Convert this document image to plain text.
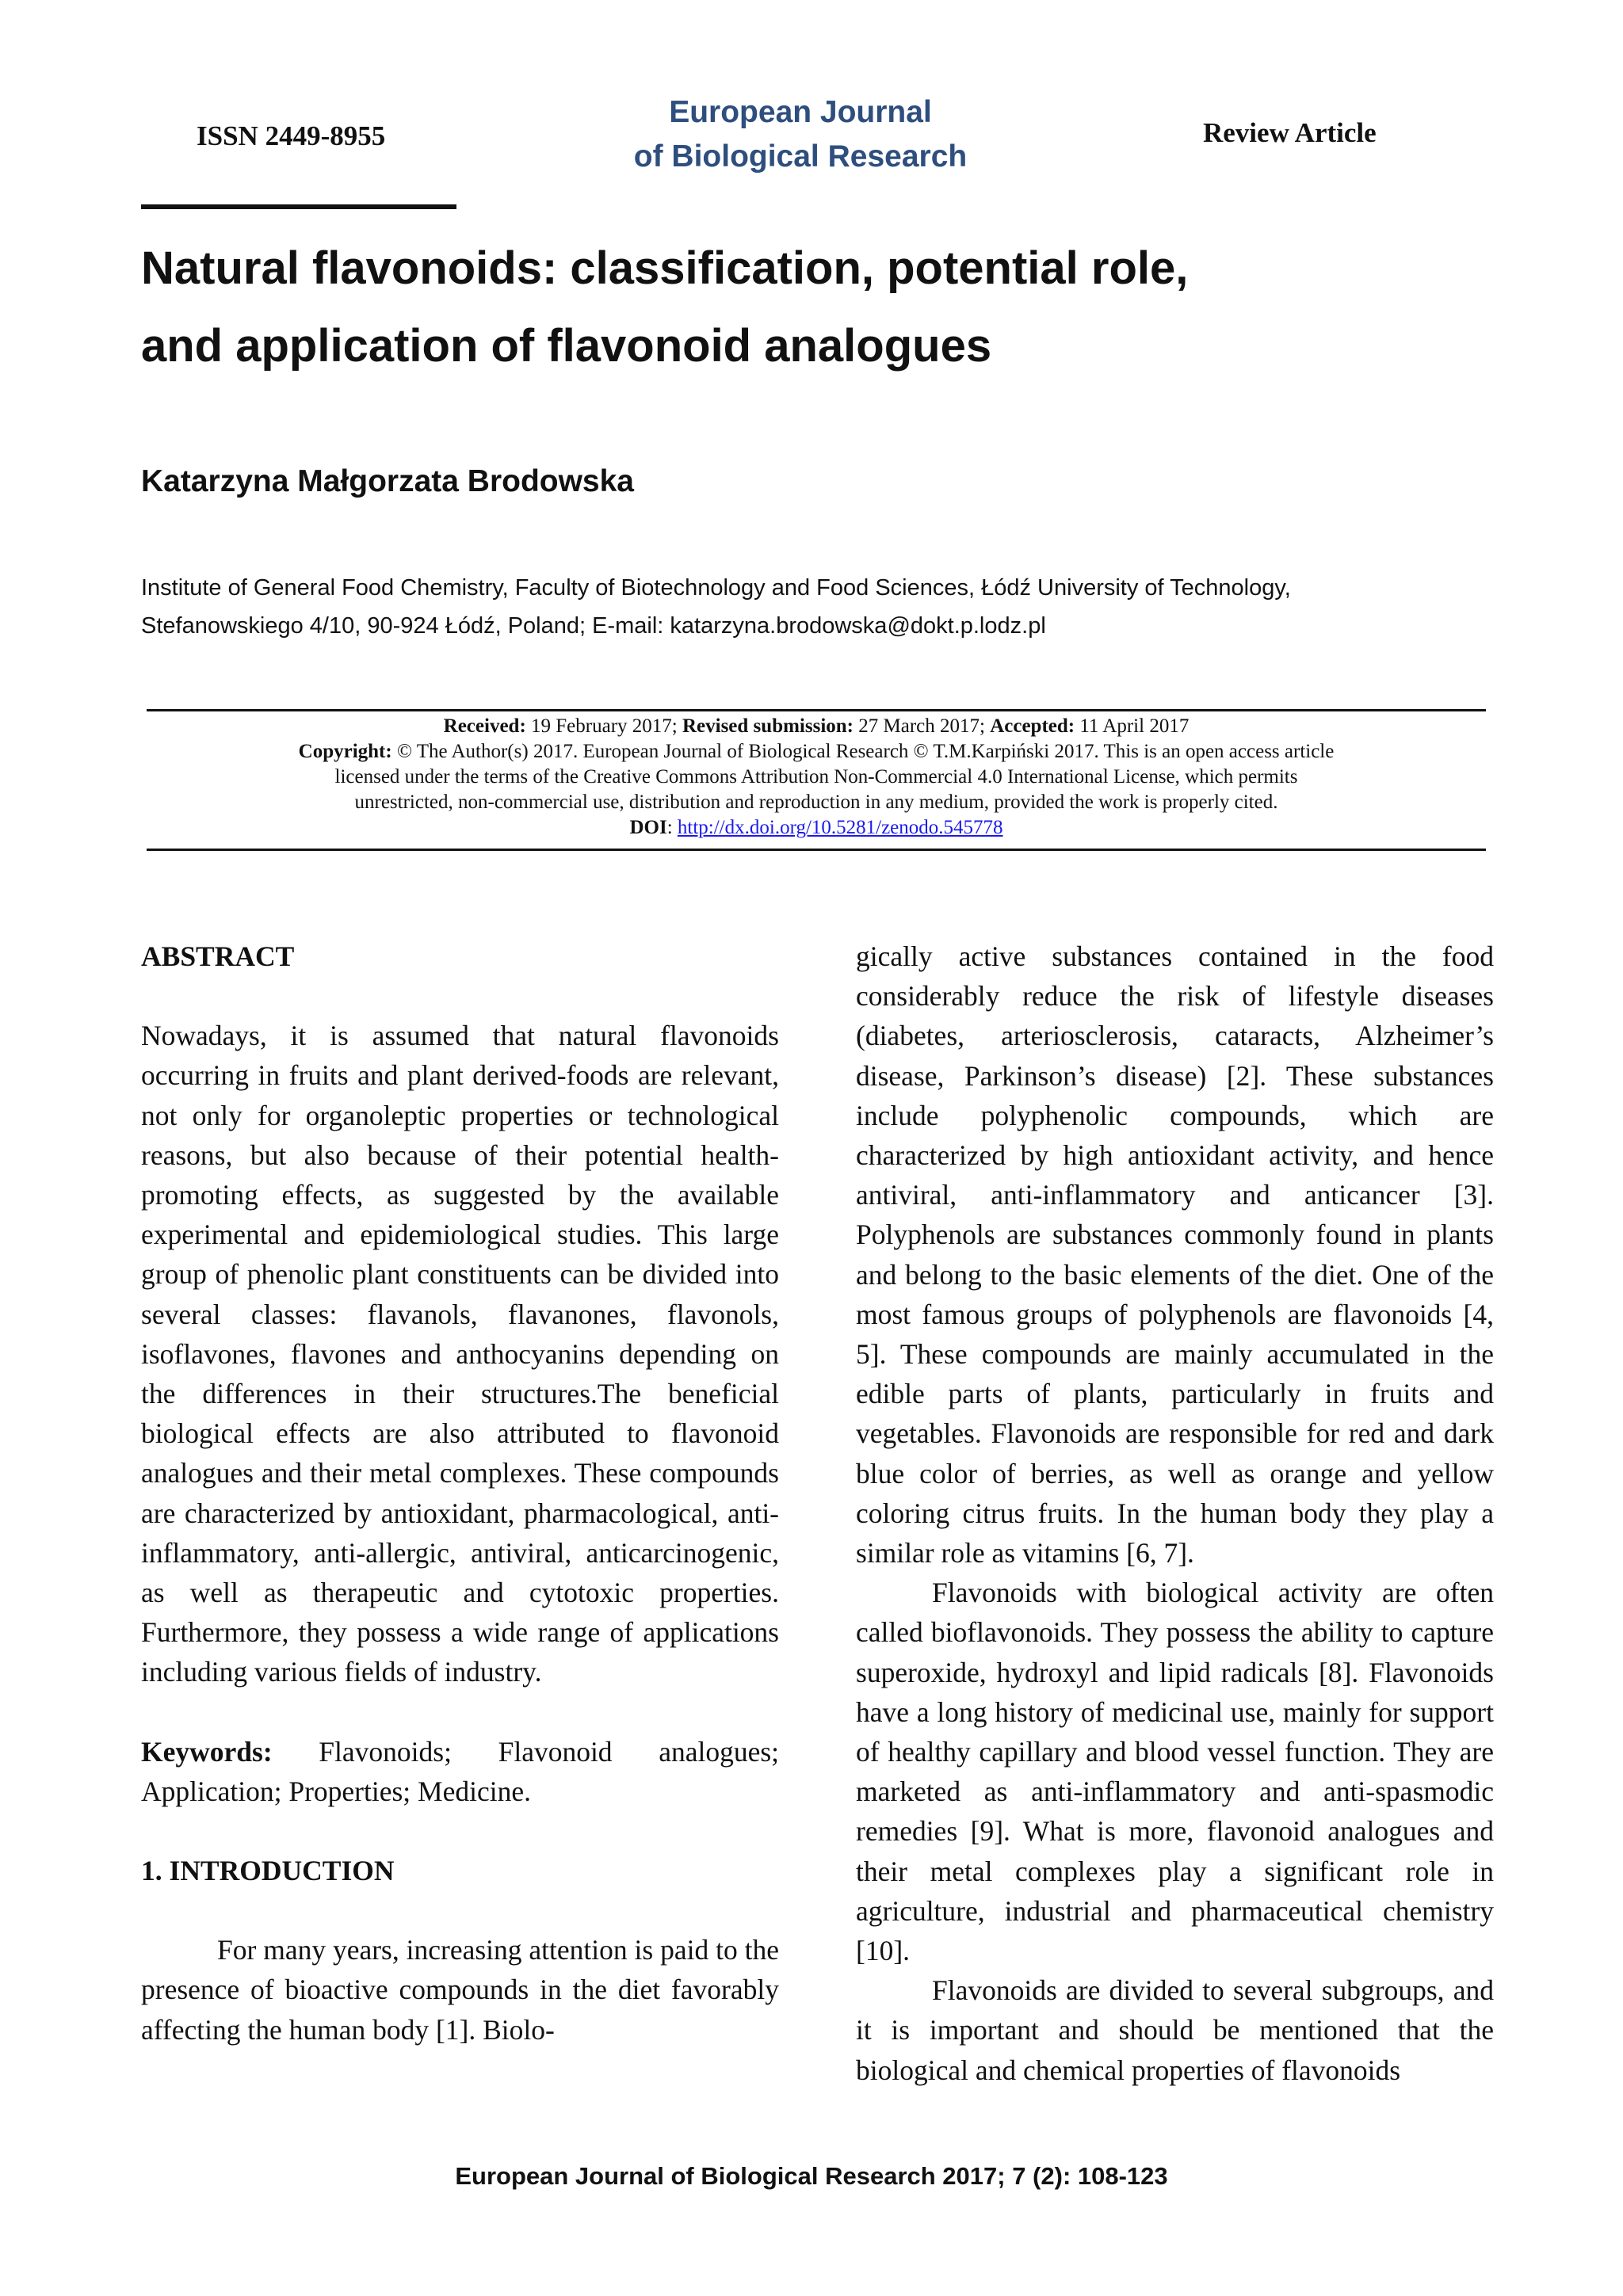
ISSN 2449-8955
European Journal
of Biological Research
Review Article
Natural flavonoids: classification, potential role,
and application of flavonoid analogues
Katarzyna Małgorzata Brodowska
Institute of General Food Chemistry, Faculty of Biotechnology and Food Sciences, Łódź University of Technology,
Stefanowskiego 4/10, 90-924 Łódź, Poland; E-mail: katarzyna.brodowska@dokt.p.lodz.pl
Received: 19 February 2017; Revised submission: 27 March 2017; Accepted: 11 April 2017
Copyright: © The Author(s) 2017. European Journal of Biological Research © T.M.Karpiński 2017. This is an open access article
licensed under the terms of the Creative Commons Attribution Non-Commercial 4.0 International License, which permits
unrestricted, non-commercial use, distribution and reproduction in any medium, provided the work is properly cited.
DOI: http://dx.doi.org/10.5281/zenodo.545778

ABSTRACT

Nowadays, it is assumed that natural flavonoids occurring in fruits and plant derived-foods are relevant, not only for organoleptic properties or technological reasons, but also because of their potential health-promoting effects, as suggested by the available experimental and epidemiological studies. This large group of phenolic plant constituents can be divided into several classes: flavanols, flavanones, flavonols, isoflavones, flavones and anthocyanins depending on the differences in their structures.The beneficial biological effects are also attributed to flavonoid analogues and their metal complexes. These compounds are characterized by antioxidant, pharmacological, anti-inflammatory, anti-allergic, antiviral, anticarcinogenic, as well as therapeutic and cytotoxic properties. Furthermore, they possess a wide range of applications including various fields of industry.

Keywords: Flavonoids; Flavonoid analogues; Application; Properties; Medicine.

1. INTRODUCTION

For many years, increasing attention is paid to the presence of bioactive compounds in the diet favorably affecting the human body [1]. Biolo-

gically active substances contained in the food considerably reduce the risk of lifestyle diseases (diabetes, arteriosclerosis, cataracts, Alzheimer’s disease, Parkinson’s disease) [2]. These substances include polyphenolic compounds, which are characterized by high antioxidant activity, and hence antiviral, anti-inflammatory and anticancer [3]. Polyphenols are substances commonly found in plants and belong to the basic elements of the diet. One of the most famous groups of polyphenols are flavonoids [4, 5]. These compounds are mainly accumulated in the edible parts of plants, particularly in fruits and vegetables. Flavonoids are responsible for red and dark blue color of berries, as well as orange and yellow coloring citrus fruits. In the human body they play a similar role as vitamins [6, 7].

Flavonoids with biological activity are often called bioflavonoids. They possess the ability to capture superoxide, hydroxyl and lipid radicals [8]. Flavonoids have a long history of medicinal use, mainly for support of healthy capillary and blood vessel function. They are marketed as anti-inflammatory and anti-spasmodic remedies [9]. What is more, flavonoid analogues and their metal complexes play a significant role in agriculture, industrial and pharmaceutical chemistry [10].

Flavonoids are divided to several subgroups, and it is important and should be mentioned that the biological and chemical properties of flavonoids

European Journal of Biological Research 2017; 7 (2): 108-123
